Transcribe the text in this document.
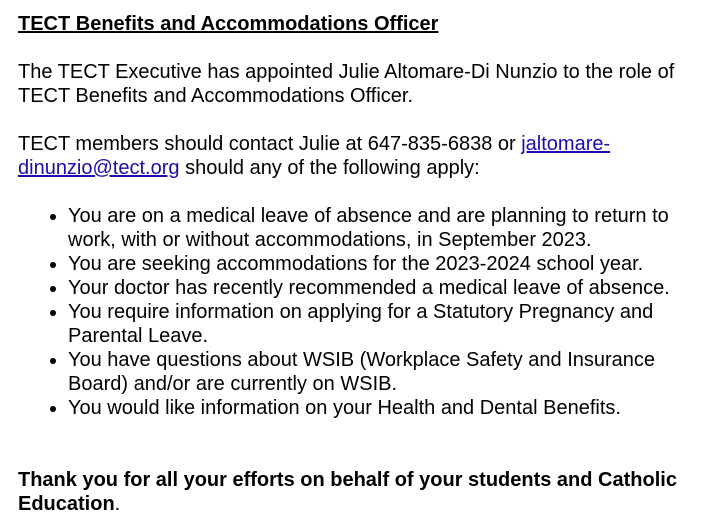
TECT Benefits and Accommodations Officer

The TECT Executive has appointed Julie Altomare-Di Nunzio to the role of TECT Benefits and Accommodations Officer.

TECT members should contact Julie at 647-835-6838 or jaltomare-dinunzio@tect.org should any of the following apply:

• You are on a medical leave of absence and are planning to return to work, with or without accommodations, in September 2023.
• You are seeking accommodations for the 2023-2024 school year.
• Your doctor has recently recommended a medical leave of absence.
• You require information on applying for a Statutory Pregnancy and Parental Leave.
• You have questions about WSIB (Workplace Safety and Insurance Board) and/or are currently on WSIB.
• You would like information on your Health and Dental Benefits.

Thank you for all your efforts on behalf of your students and Catholic Education.
